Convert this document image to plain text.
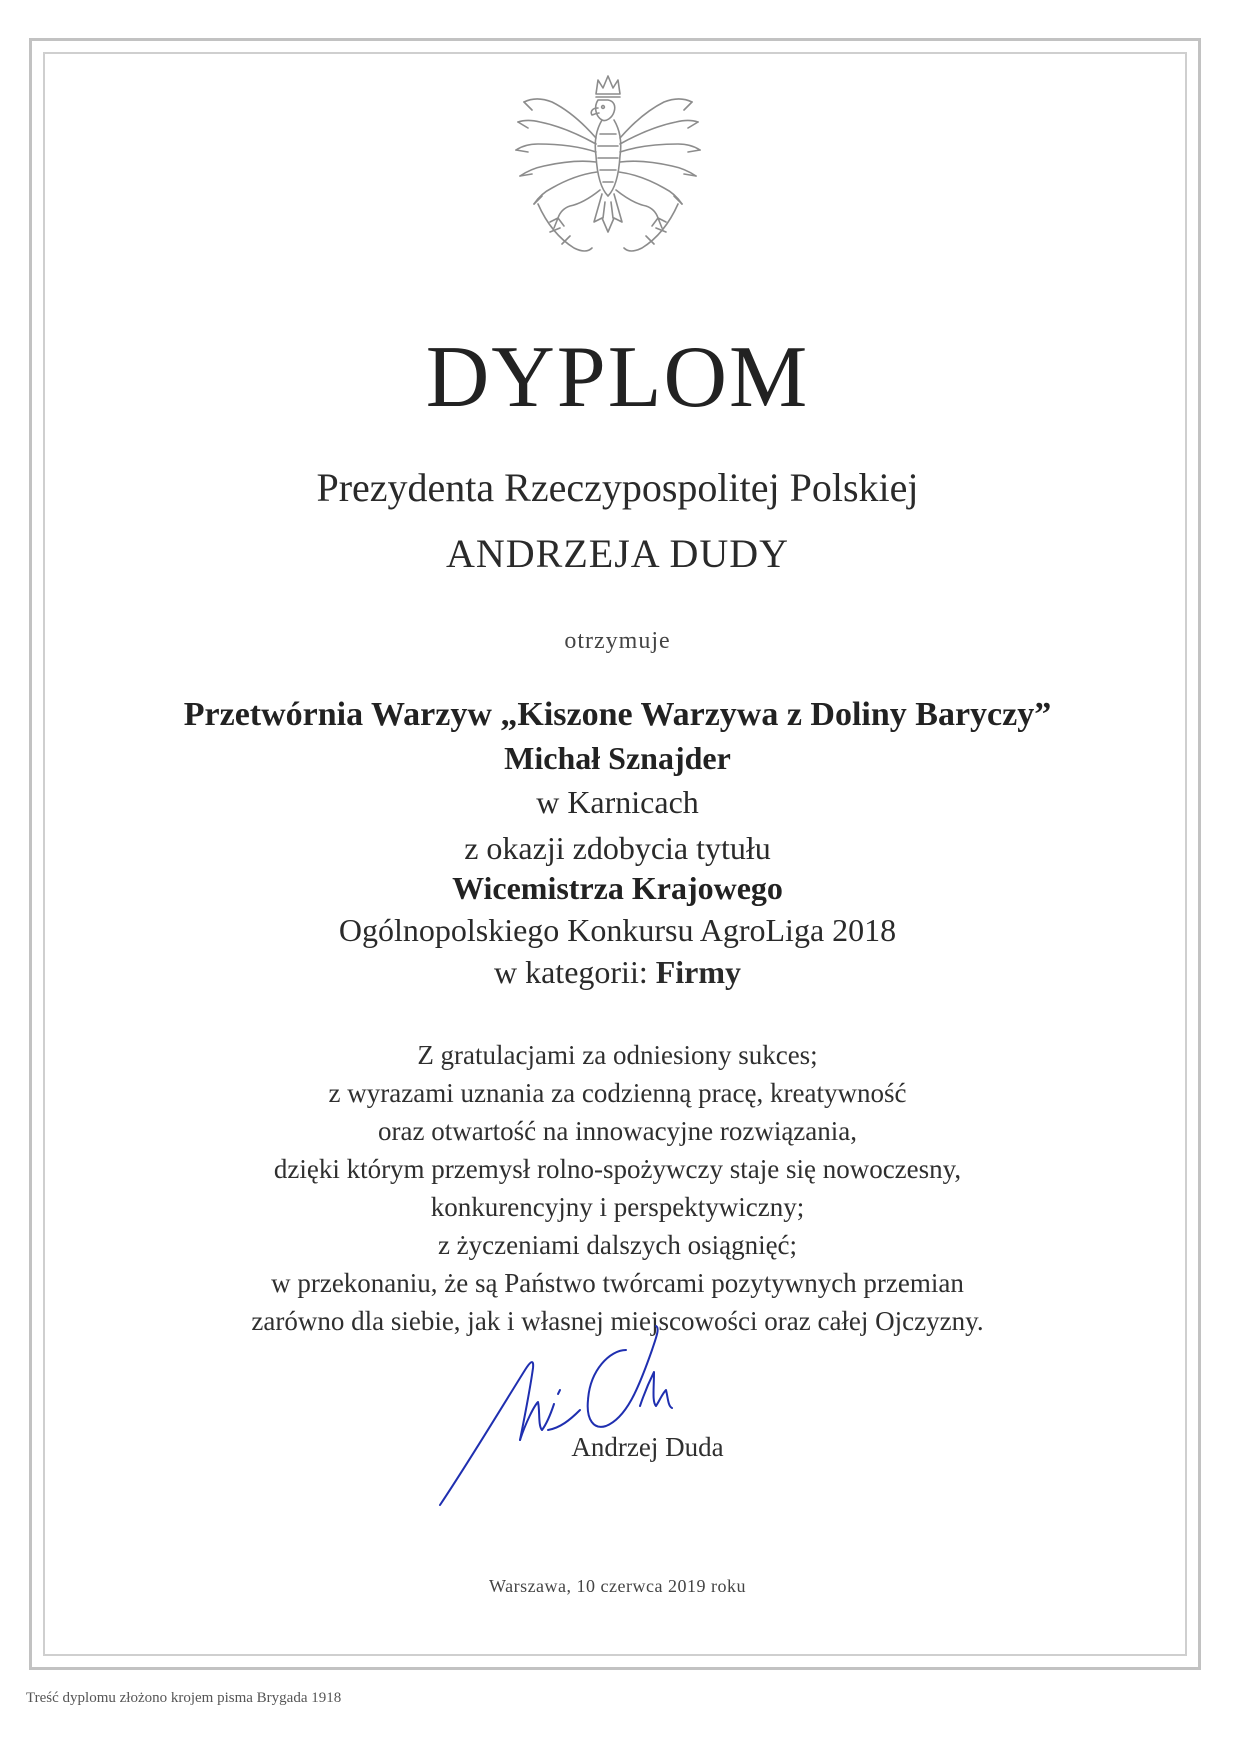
DYPLOM
Prezydenta Rzeczypospolitej Polskiej
ANDRZEJA DUDY
otrzymuje
Przetwórnia Warzyw „Kiszone Warzywa z Doliny Baryczy”
Michał Sznajder
w Karnicach
z okazji zdobycia tytułu
Wicemistrza Krajowego
Ogólnopolskiego Konkursu AgroLiga 2018
w kategorii: Firmy
Z gratulacjami za odniesiony sukces;
z wyrazami uznania za codzienną pracę, kreatywność
oraz otwartość na innowacyjne rozwiązania,
dzięki którym przemysł rolno-spożywczy staje się nowoczesny,
konkurencyjny i perspektywiczny;
z życzeniami dalszych osiągnięć;
w przekonaniu, że są Państwo twórcami pozytywnych przemian
zarówno dla siebie, jak i własnej miejscowości oraz całej Ojczyzny.
Andrzej Duda
Warszawa, 10 czerwca 2019 roku
Treść dyplomu złożono krojem pisma Brygada 1918
